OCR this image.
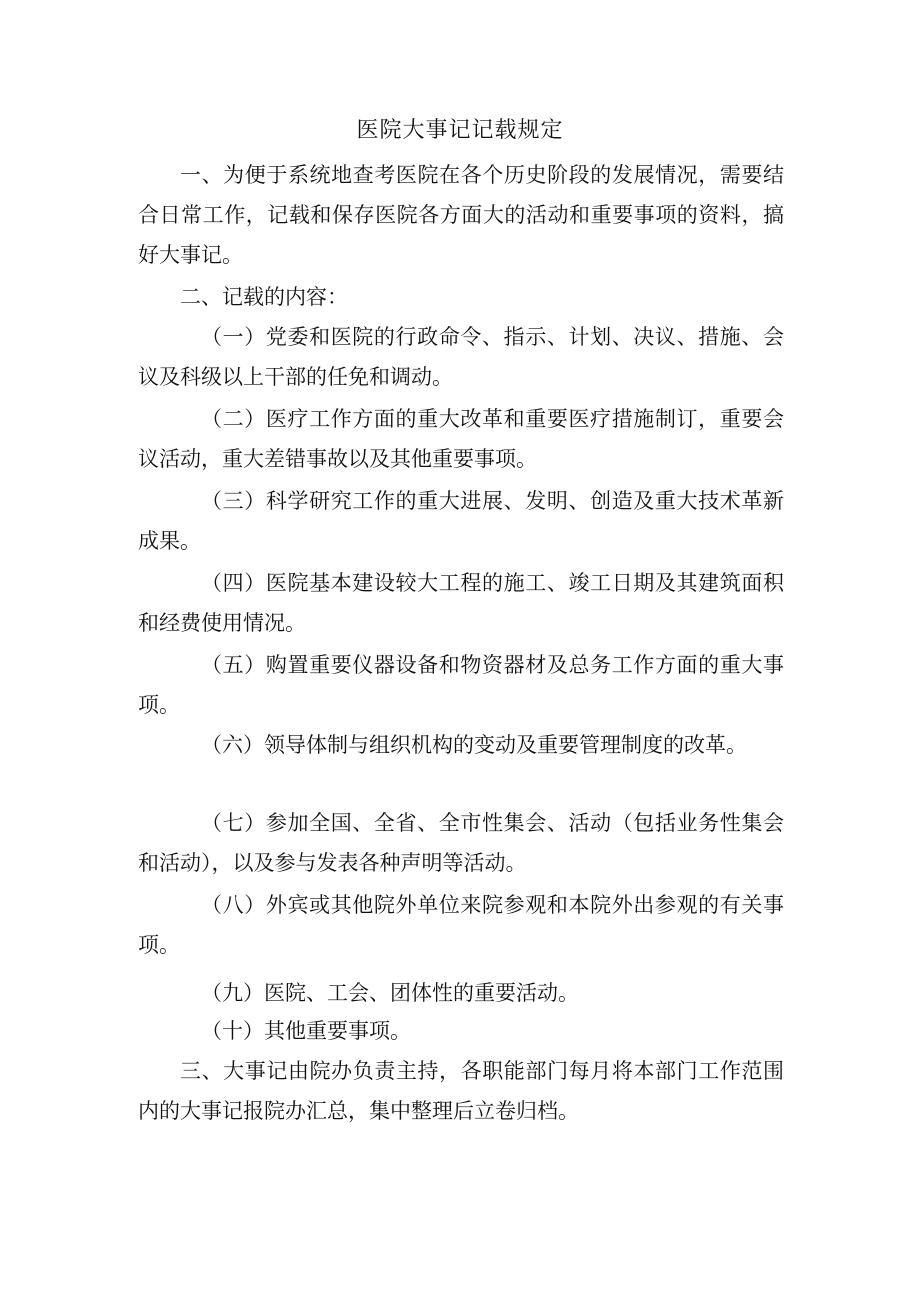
医院大事记记载规定
一、为便于系统地查考医院在各个历史阶段的发展情况，需要结合日常工作，记载和保存医院各方面大的活动和重要事项的资料，搞好大事记。
二、记载的内容：
（一）党委和医院的行政命令、指示、计划、决议、措施、会议及科级以上干部的任免和调动。
（二）医疗工作方面的重大改革和重要医疗措施制订，重要会议活动，重大差错事故以及其他重要事项。
（三）科学研究工作的重大进展、发明、创造及重大技术革新成果。
（四）医院基本建设较大工程的施工、竣工日期及其建筑面积和经费使用情况。
（五）购置重要仪器设备和物资器材及总务工作方面的重大事项。
（六）领导体制与组织机构的变动及重要管理制度的改革。
（七）参加全国、全省、全市性集会、活动（包括业务性集会和活动），以及参与发表各种声明等活动。
（八）外宾或其他院外单位来院参观和本院外出参观的有关事项。
（九）医院、工会、团体性的重要活动。
（十）其他重要事项。
三、大事记由院办负责主持，各职能部门每月将本部门工作范围内的大事记报院办汇总，集中整理后立卷归档。
